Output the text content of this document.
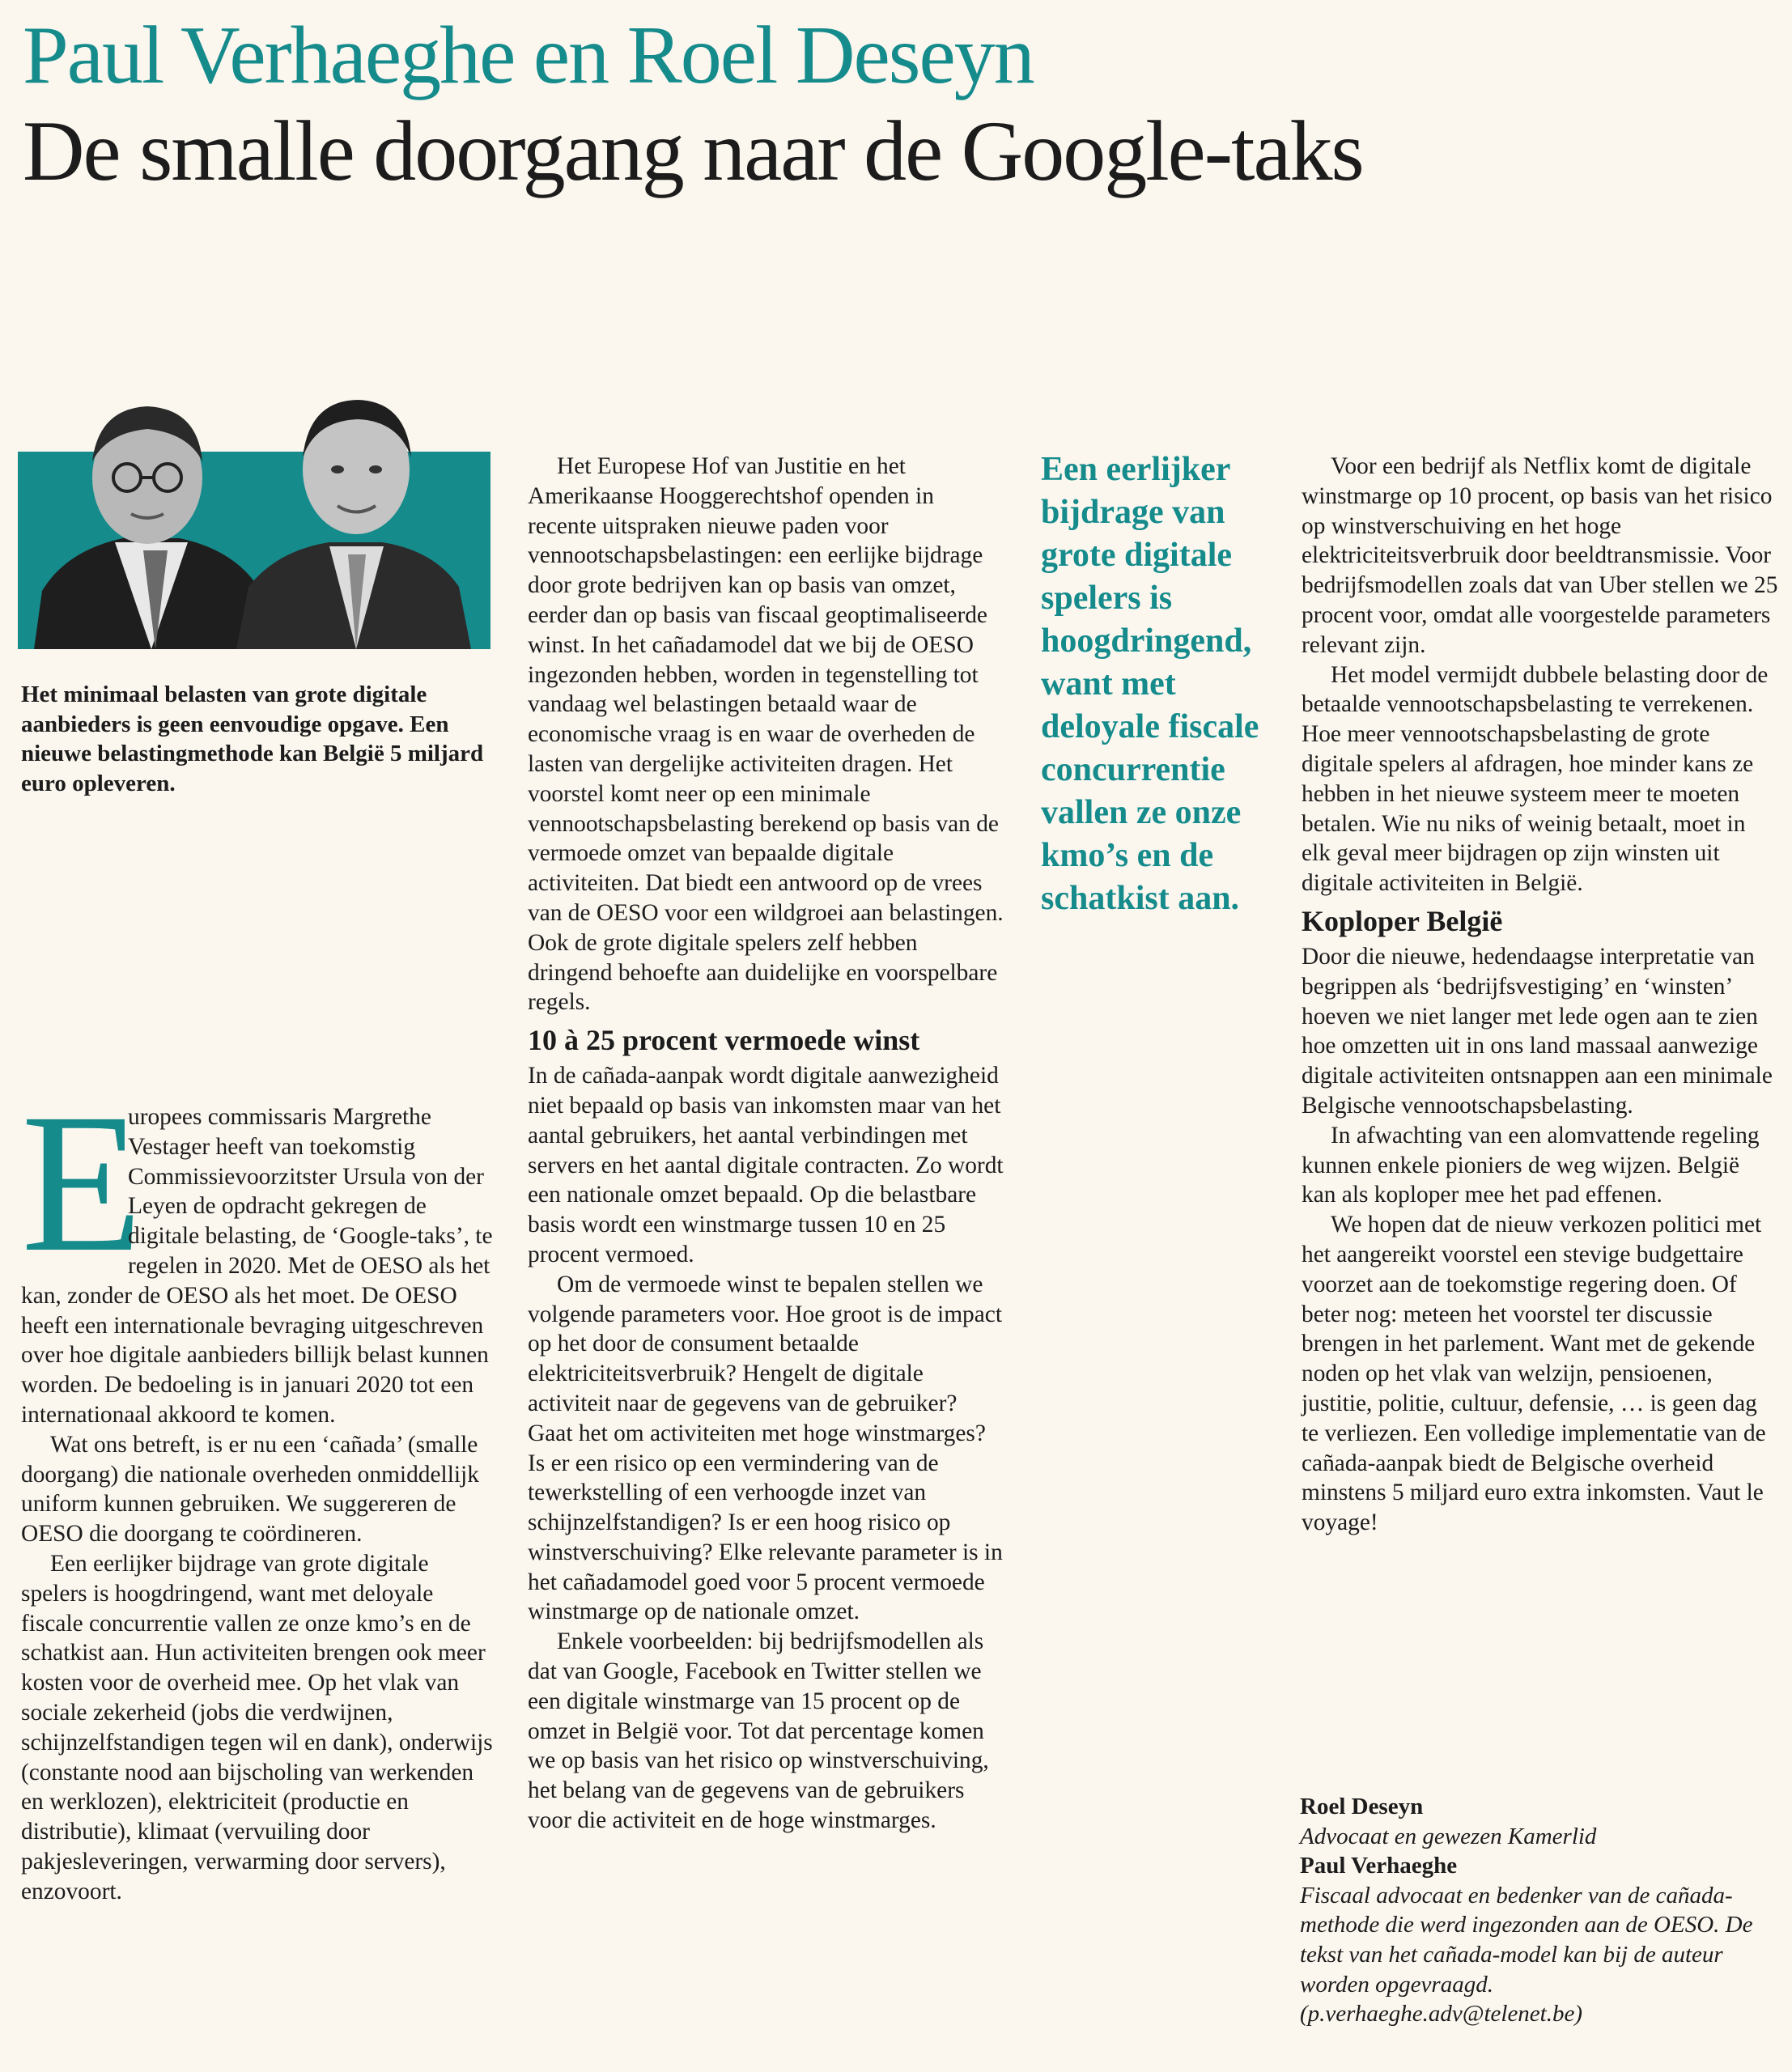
Paul Verhaeghe en Roel Deseyn
De smalle doorgang naar de Google-taks

Het minimaal belasten van grote digitale aanbieders is geen eenvoudige opgave. Een nieuwe belastingmethode kan België 5 miljard euro opleveren.

E

uropees commissaris Margrethe Vestager heeft van toekomstig Commissievoorzitster Ursula von der Leyen de opdracht gekregen de digitale belasting, de ‘Google-taks’, te regelen in 2020. Met de OESO als het kan, zonder de OESO als het moet. De OESO heeft een internationale bevraging uitgeschreven over hoe digitale aanbieders billijk belast kunnen worden. De bedoeling is in januari 2020 tot een internationaal akkoord te komen.

Wat ons betreft, is er nu een ‘cañada’ (smalle doorgang) die nationale overheden onmiddellijk uniform kunnen gebruiken. We suggereren de OESO die doorgang te coördineren.

Een eerlijker bijdrage van grote digitale spelers is hoogdringend, want met deloyale fiscale concurrentie vallen ze onze kmo’s en de schatkist aan. Hun activiteiten brengen ook meer kosten voor de overheid mee. Op het vlak van sociale zekerheid (jobs die verdwijnen, schijnzelfstandigen tegen wil en dank), onderwijs (constante nood aan bijscholing van werkenden en werklozen), elektriciteit (productie en distributie), klimaat (vervuiling door pakjesleveringen, verwarming door servers), enzovoort.

Het Europese Hof van Justitie en het Amerikaanse Hooggerechtshof openden in recente uitspraken nieuwe paden voor vennootschapsbelastingen: een eerlijke bijdrage door grote bedrijven kan op basis van omzet, eerder dan op basis van fiscaal geoptimaliseerde winst. In het cañadamodel dat we bij de OESO ingezonden hebben, worden in tegenstelling tot vandaag wel belastingen betaald waar de economische vraag is en waar de overheden de lasten van dergelijke activiteiten dragen. Het voorstel komt neer op een minimale vennootschapsbelasting berekend op basis van de vermoede omzet van bepaalde digitale activiteiten. Dat biedt een antwoord op de vrees van de OESO voor een wildgroei aan belastingen. Ook de grote digitale spelers zelf hebben dringend behoefte aan duidelijke en voorspelbare regels.

10 à 25 procent vermoede winst

In de cañada-aanpak wordt digitale aanwezigheid niet bepaald op basis van inkomsten maar van het aantal gebruikers, het aantal verbindingen met servers en het aantal digitale contracten. Zo wordt een nationale omzet bepaald. Op die belastbare basis wordt een winstmarge tussen 10 en 25 procent vermoed.

Om de vermoede winst te bepalen stellen we volgende parameters voor. Hoe groot is de impact op het door de consument betaalde elektriciteitsverbruik? Hengelt de digitale activiteit naar de gegevens van de gebruiker? Gaat het om activiteiten met hoge winstmarges? Is er een risico op een vermindering van de tewerkstelling of een verhoogde inzet van schijnzelfstandigen? Is er een hoog risico op winstverschuiving? Elke relevante parameter is in het cañadamodel goed voor 5 procent vermoede winstmarge op de nationale omzet.

Enkele voorbeelden: bij bedrijfsmodellen als dat van Google, Facebook en Twitter stellen we een digitale winstmarge van 15 procent op de omzet in België voor. Tot dat percentage komen we op basis van het risico op winstverschuiving, het belang van de gegevens van de gebruikers voor die activiteit en de hoge winstmarges.

Een eerlijker bijdrage van grote digitale spelers is hoogdringend, want met deloyale fiscale concurrentie vallen ze onze kmo’s en de schatkist aan.

Voor een bedrijf als Netflix komt de digitale winstmarge op 10 procent, op basis van het risico op winstverschuiving en het hoge elektriciteitsverbruik door beeldtransmissie. Voor bedrijfsmodellen zoals dat van Uber stellen we 25 procent voor, omdat alle voorgestelde parameters relevant zijn.

Het model vermijdt dubbele belasting door de betaalde vennootschapsbelasting te verrekenen. Hoe meer vennootschapsbelasting de grote digitale spelers al afdragen, hoe minder kans ze hebben in het nieuwe systeem meer te moeten betalen. Wie nu niks of weinig betaalt, moet in elk geval meer bijdragen op zijn winsten uit digitale activiteiten in België.

Koploper België

Door die nieuwe, hedendaagse interpretatie van begrippen als ‘bedrijfsvestiging’ en ‘winsten’ hoeven we niet langer met lede ogen aan te zien hoe omzetten uit in ons land massaal aanwezige digitale activiteiten ontsnappen aan een minimale Belgische vennootschapsbelasting.

In afwachting van een alomvattende regeling kunnen enkele pioniers de weg wijzen. België kan als koploper mee het pad effenen.

We hopen dat de nieuw verkozen politici met het aangereikt voorstel een stevige budgettaire voorzet aan de toekomstige regering doen. Of beter nog: meteen het voorstel ter discussie brengen in het parlement. Want met de gekende noden op het vlak van welzijn, pensioenen, justitie, politie, cultuur, defensie, … is geen dag te verliezen. Een volledige implementatie van de cañada-aanpak biedt de Belgische overheid minstens 5 miljard euro extra inkomsten. Vaut le voyage!

Roel Deseyn
Advocaat en gewezen Kamerlid
Paul Verhaeghe
Fiscaal advocaat en bedenker van de cañada-methode die werd ingezonden aan de OESO. De tekst van het cañada-model kan bij de auteur worden opgevraagd. (p.verhaeghe.adv@telenet.be)
